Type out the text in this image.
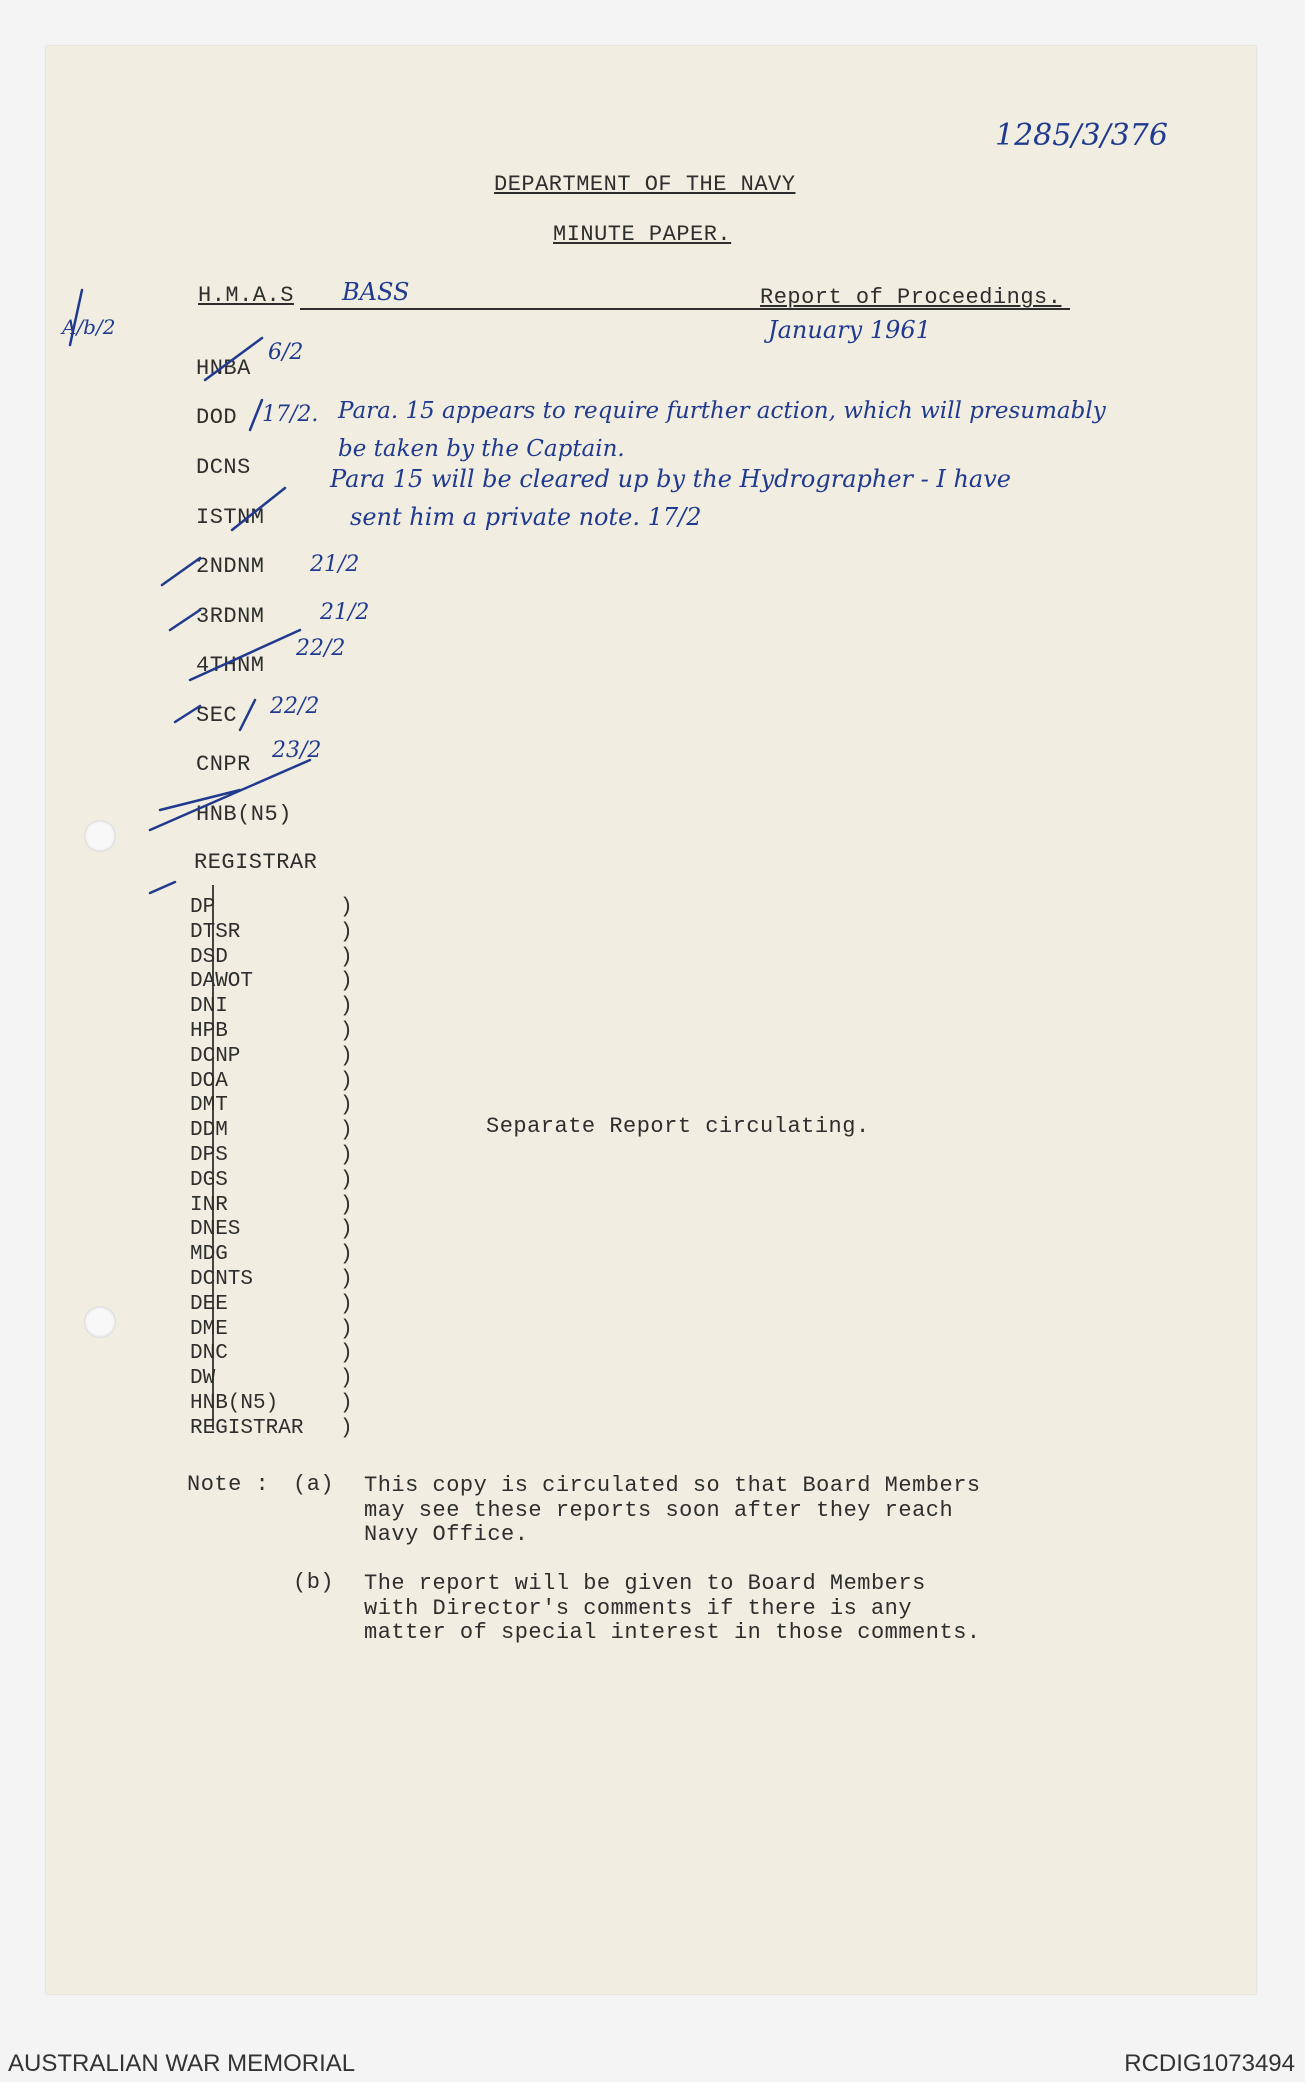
1285/3/376
DEPARTMENT OF THE NAVY
MINUTE PAPER.
H.M.A.S BASS	Report of Proceedings.
January 1961
A/b/2
HNBA
6/2
DOD 17/2. Para. 15 appears to require further action, which will presumably
be taken by the Captain.
DCNS
ISTNM
Para 15 will be cleared up by the Hydrographer - I have
sent him a private note. 17/2
2NDNM 21/2
3RDNM	21/2
4THNM
22/2
SEC 22/2
CNPR
23/2
HNB(N5)
REGISTRAR
DP	)
DTSR	)
DSD	)
DAWOT	)
DNI	)
HPB	)
DCNP	)
DOA	)
DMT	)
DDM	)
DPS	)
DGS	)
INR	)
DNES	)
MDG	)
DCNTS	)
DEE	)
DME	)
DNC	)
DW	)
HNB(N5)	)
REGISTRAR )
Separate Report circulating.
Note : (a) This copy is circulated so that Board Members
may see these reports soon after they reach
Navy Office.
(b) The report will be given to Board Members
with Director's comments if there is any
matter of special interest in those comments.
AUSTRALIAN WAR MEMORIAL	RCDIG1073494
